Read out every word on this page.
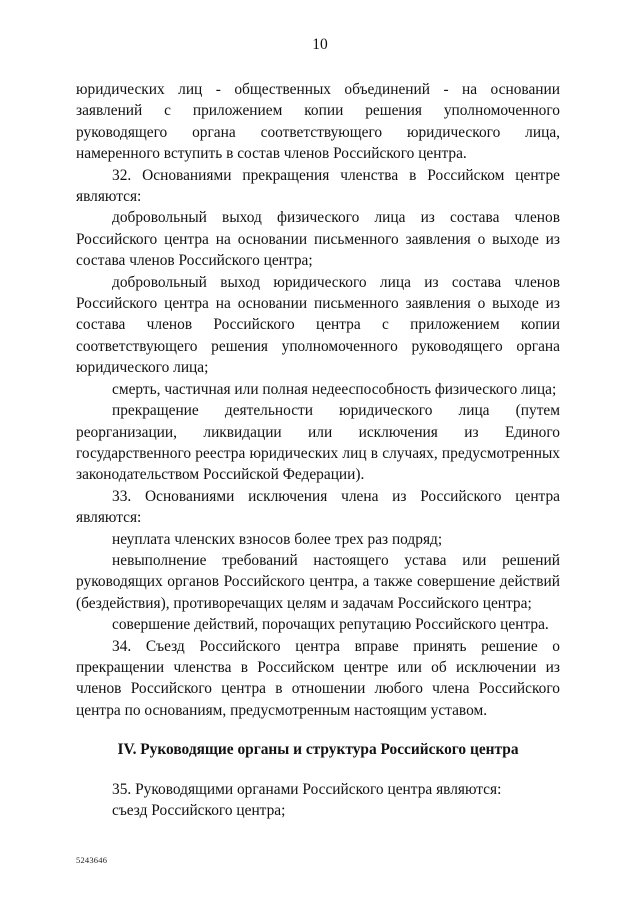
10

юридических лиц - общественных объединений - на основании заявлений с приложением копии решения уполномоченного руководящего органа соответствующего юридического лица, намеренного вступить в состав членов Российского центра.

32. Основаниями прекращения членства в Российском центре являются:

добровольный выход физического лица из состава членов Российского центра на основании письменного заявления о выходе из состава членов Российского центра;

добровольный выход юридического лица из состава членов Российского центра на основании письменного заявления о выходе из состава членов Российского центра с приложением копии соответствующего решения уполномоченного руководящего органа юридического лица;

смерть, частичная или полная недееспособность физического лица;

прекращение деятельности юридического лица (путем реорганизации, ликвидации или исключения из Единого государственного реестра юридических лиц в случаях, предусмотренных законодательством Российской Федерации).

33. Основаниями исключения члена из Российского центра являются:

неуплата членских взносов более трех раз подряд;

невыполнение требований настоящего устава или решений руководящих органов Российского центра, а также совершение действий (бездействия), противоречащих целям и задачам Российского центра;

совершение действий, порочащих репутацию Российского центра.

34. Съезд Российского центра вправе принять решение о прекращении членства в Российском центре или об исключении из членов Российского центра в отношении любого члена Российского центра по основаниям, предусмотренным настоящим уставом.

IV. Руководящие органы и структура Российского центра

35. Руководящими органами Российского центра являются:

съезд Российского центра;

5243646
